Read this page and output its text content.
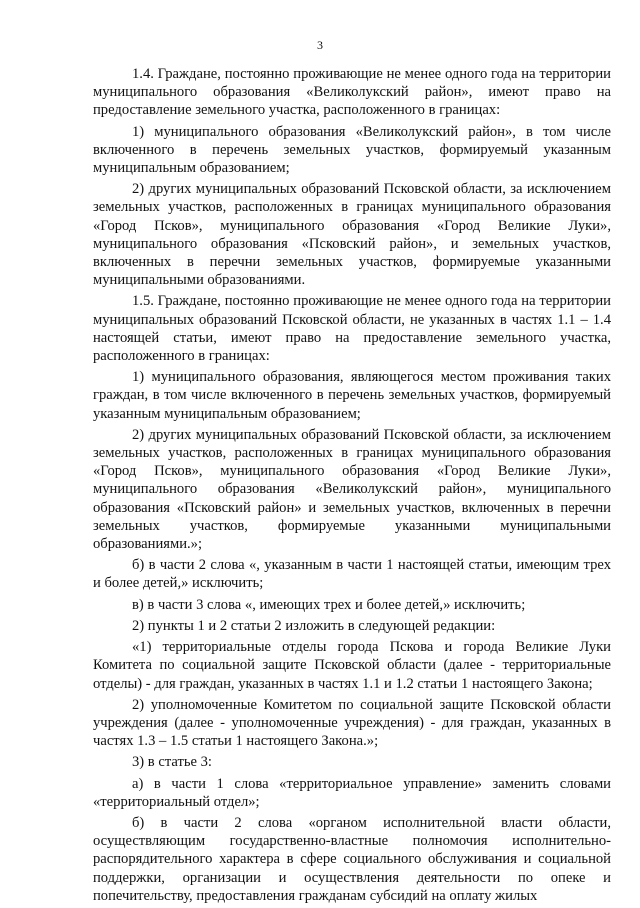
3

1.4. Граждане, постоянно проживающие не менее одного года на территории муниципального образования «Великолукский район», имеют право на предоставление земельного участка, расположенного в границах:

1) муниципального образования «Великолукский район», в том числе включенного в перечень земельных участков, формируемый указанным муниципальным образованием;

2) других муниципальных образований Псковской области, за исключением земельных участков, расположенных в границах муниципального образования «Город Псков», муниципального образования «Город Великие Луки», муниципального образования «Псковский район», и земельных участков, включенных в перечни земельных участков, формируемые указанными муниципальными образованиями.

1.5. Граждане, постоянно проживающие не менее одного года на территории муниципальных образований Псковской области, не указанных в частях 1.1 – 1.4 настоящей статьи, имеют право на предоставление земельного участка, расположенного в границах:

1) муниципального образования, являющегося местом проживания таких граждан, в том числе включенного в перечень земельных участков, формируемый указанным муниципальным образованием;

2) других муниципальных образований Псковской области, за исключением земельных участков, расположенных в границах муниципального образования «Город Псков», муниципального образования «Город Великие Луки», муниципального образования «Великолукский район», муниципального образования «Псковский район» и земельных участков, включенных в перечни земельных участков, формируемые указанными муниципальными образованиями.»;

б) в части 2 слова «, указанным в части 1 настоящей статьи, имеющим трех и более детей,» исключить;

в) в части 3 слова «, имеющих трех и более детей,» исключить;

2) пункты 1 и 2 статьи 2 изложить в следующей редакции:

«1) территориальные отделы города Пскова и города Великие Луки Комитета по социальной защите Псковской области (далее - территориальные отделы) - для граждан, указанных в частях 1.1 и 1.2 статьи 1 настоящего Закона;

2) уполномоченные Комитетом по социальной защите Псковской области учреждения (далее - уполномоченные учреждения) - для граждан, указанных в частях 1.3 – 1.5 статьи 1 настоящего Закона.»;

3) в статье 3:

а) в части 1 слова «территориальное управление» заменить словами «территориальный отдел»;

б) в части 2 слова «органом исполнительной власти области, осуществляющим государственно-властные полномочия исполнительно-распорядительного характера в сфере социального обслуживания и социальной поддержки, организации и осуществления деятельности по опеке и попечительству, предоставления гражданам субсидий на оплату жилых
